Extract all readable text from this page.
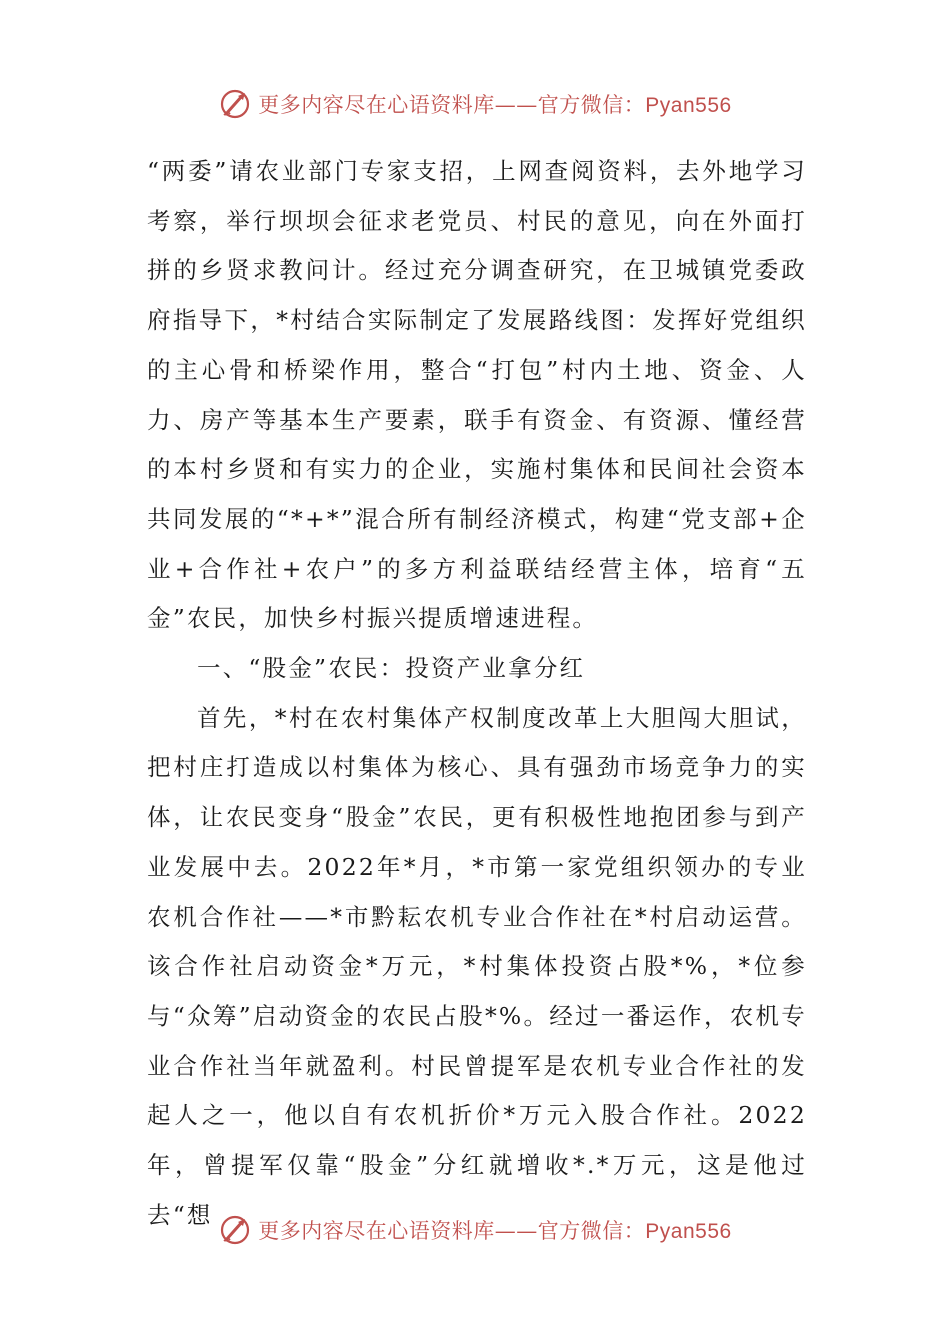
更多内容尽在心语资料库——官方微信：Pyan556

“两委”请农业部门专家支招，上网查阅资料，去外地学习考察，举行坝坝会征求老党员、村民的意见，向在外面打拼的乡贤求教问计。经过充分调查研究，在卫城镇党委政府指导下，*村结合实际制定了发展路线图：发挥好党组织的主心骨和桥梁作用，整合“打包”村内土地、资金、人力、房产等基本生产要素，联手有资金、有资源、懂经营的本村乡贤和有实力的企业，实施村集体和民间社会资本共同发展的“*+*”混合所有制经济模式，构建“党支部+企业+合作社+农户”的多方利益联结经营主体，培育“五金”农民，加快乡村振兴提质增速进程。

一、“股金”农民：投资产业拿分红

首先，*村在农村集体产权制度改革上大胆闯大胆试，把村庄打造成以村集体为核心、具有强劲市场竞争力的实体，让农民变身“股金”农民，更有积极性地抱团参与到产业发展中去。2022年*月，*市第一家党组织领办的专业农机合作社——*市黔耘农机专业合作社在*村启动运营。该合作社启动资金*万元，*村集体投资占股*%，*位参与“众筹”启动资金的农民占股*%。经过一番运作，农机专业合作社当年就盈利。村民曾提军是农机专业合作社的发起人之一，他以自有农机折价*万元入股合作社。2022年，曾提军仅靠“股金”分红就增收*.*万元，这是他过去“想

更多内容尽在心语资料库——官方微信：Pyan556
